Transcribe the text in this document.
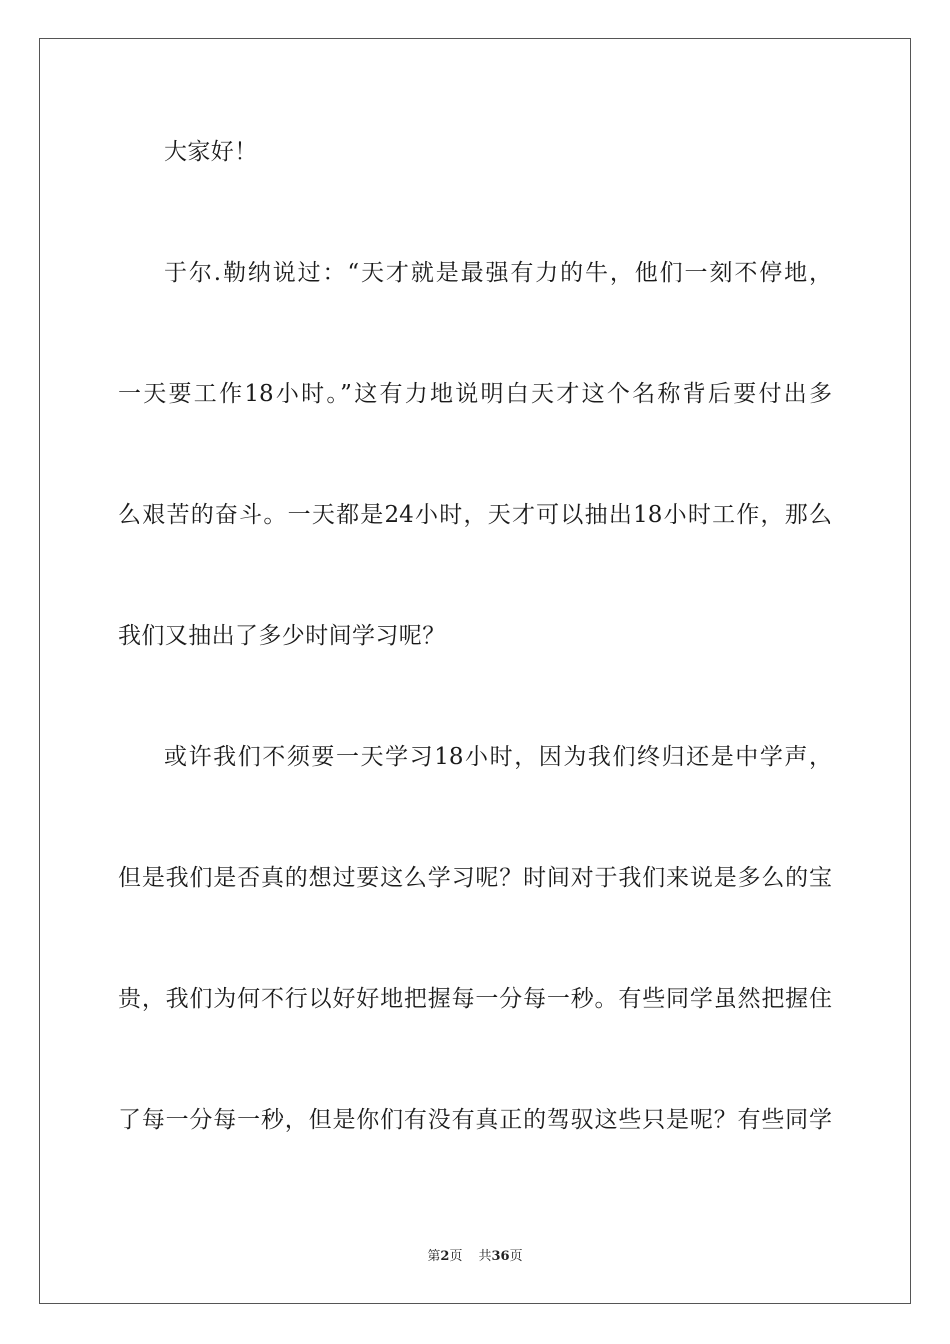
大家好！
于尔.勒纳说过：“天才就是最强有力的牛，他们一刻不停地，
一天要工作18小时。”这有力地说明白天才这个名称背后要付出多
么艰苦的奋斗。一天都是24小时，天才可以抽出18小时工作，那么
我们又抽出了多少时间学习呢？
或许我们不须要一天学习18小时，因为我们终归还是中学声，
但是我们是否真的想过要这么学习呢？时间对于我们来说是多么的宝
贵，我们为何不行以好好地把握每一分每一秒。有些同学虽然把握住
了每一分每一秒，但是你们有没有真正的驾驭这些只是呢？有些同学
第2页 共36页
